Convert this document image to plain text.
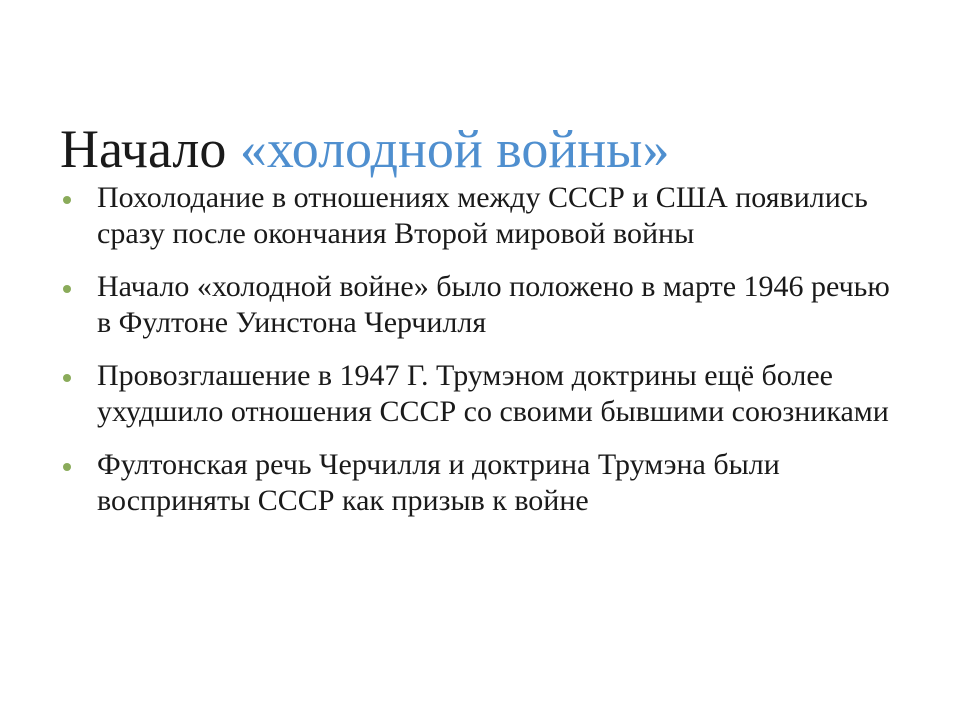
Начало «холодной войны»
Похолодание в отношениях между СССР и США появились сразу после окончания Второй мировой войны
Начало «холодной войне» было положено в марте 1946 речью в Фултоне Уинстона Черчилля
Провозглашение в 1947 Г. Трумэном доктрины ещё более ухудшило отношения СССР со своими бывшими союзниками
Фултонская речь Черчилля и доктрина Трумэна были восприняты СССР как призыв к войне
